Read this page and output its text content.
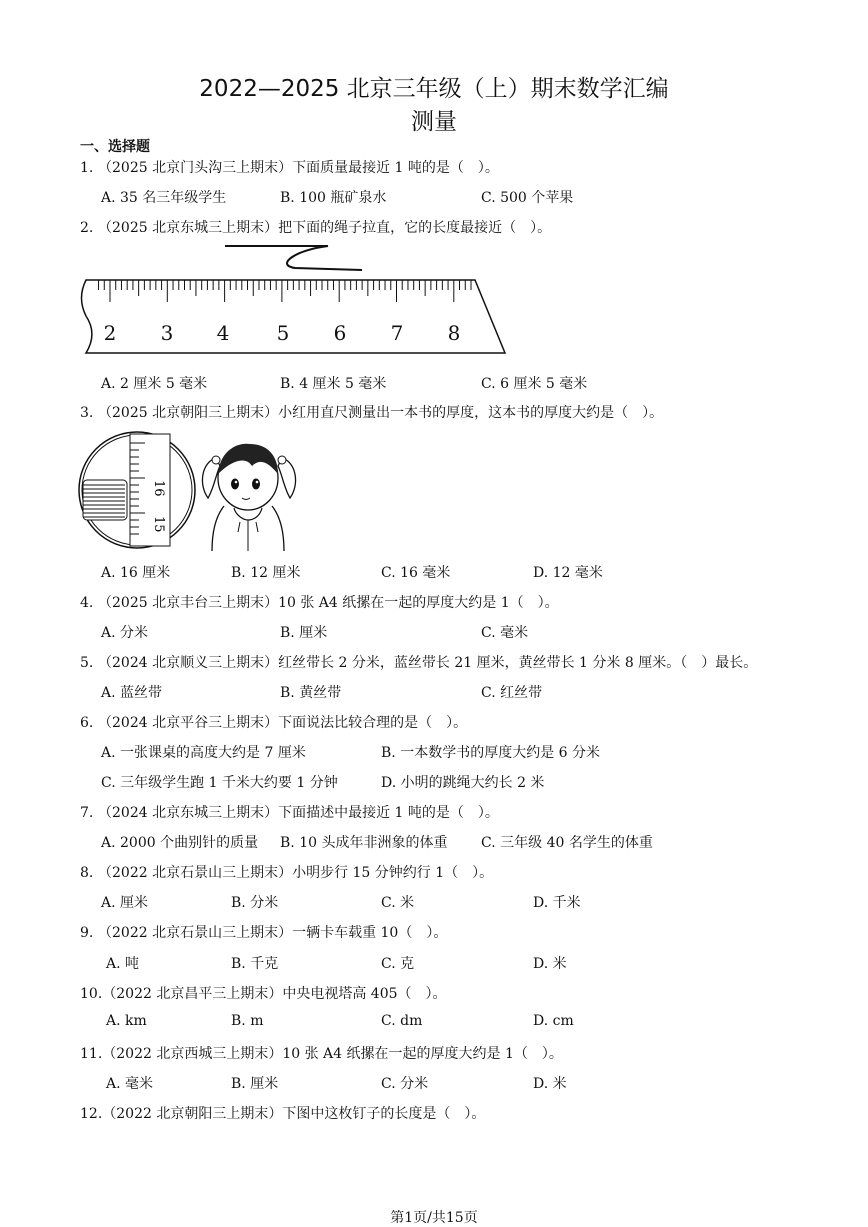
2022—2025 北京三年级（上）期末数学汇编
测量
一、选择题
1. （2025 北京门头沟三上期末）下面质量最接近 1 吨的是（　）。
A. 35 名三年级学生	B. 100 瓶矿泉水	C. 500 个苹果
2. （2025 北京东城三上期末）把下面的绳子拉直，它的长度最接近（　）。
2 3 4 5 6 7 8
A. 2 厘米 5 毫米	B. 4 厘米 5 毫米	C. 6 厘米 5 毫米
3. （2025 北京朝阳三上期末）小红用直尺测量出一本书的厚度，这本书的厚度大约是（　）。
16
15
A. 16 厘米	B. 12 厘米	C. 16 毫米	D. 12 毫米
4. （2025 北京丰台三上期末）10 张 A4 纸摞在一起的厚度大约是 1（　）。
A. 分米	B. 厘米	C. 毫米
5. （2024 北京顺义三上期末）红丝带长 2 分米，蓝丝带长 21 厘米，黄丝带长 1 分米 8 厘米。（　）最长。
A. 蓝丝带	B. 黄丝带	C. 红丝带
6. （2024 北京平谷三上期末）下面说法比较合理的是（　）。
A. 一张课桌的高度大约是 7 厘米	B. 一本数学书的厚度大约是 6 分米
C. 三年级学生跑 1 千米大约要 1 分钟	D. 小明的跳绳大约长 2 米
7. （2024 北京东城三上期末）下面描述中最接近 1 吨的是（　）。
A. 2000 个曲别针的质量 B. 10 头成年非洲象的体重 C. 三年级 40 名学生的体重
8. （2022 北京石景山三上期末）小明步行 15 分钟约行 1（　）。
A. 厘米	B. 分米	C. 米	D. 千米
9. （2022 北京石景山三上期末）一辆卡车载重 10（　）。
A. 吨	B. 千克	C. 克	D. 米
10.（2022 北京昌平三上期末）中央电视塔高 405（　）。
A. km	B. m	C. dm	D. cm
11.（2022 北京西城三上期末）10 张 A4 纸摞在一起的厚度大约是 1（　）。
A. 毫米	B. 厘米	C. 分米	D. 米
12.（2022 北京朝阳三上期末）下图中这枚钉子的长度是（　）。
第1页/共15页
